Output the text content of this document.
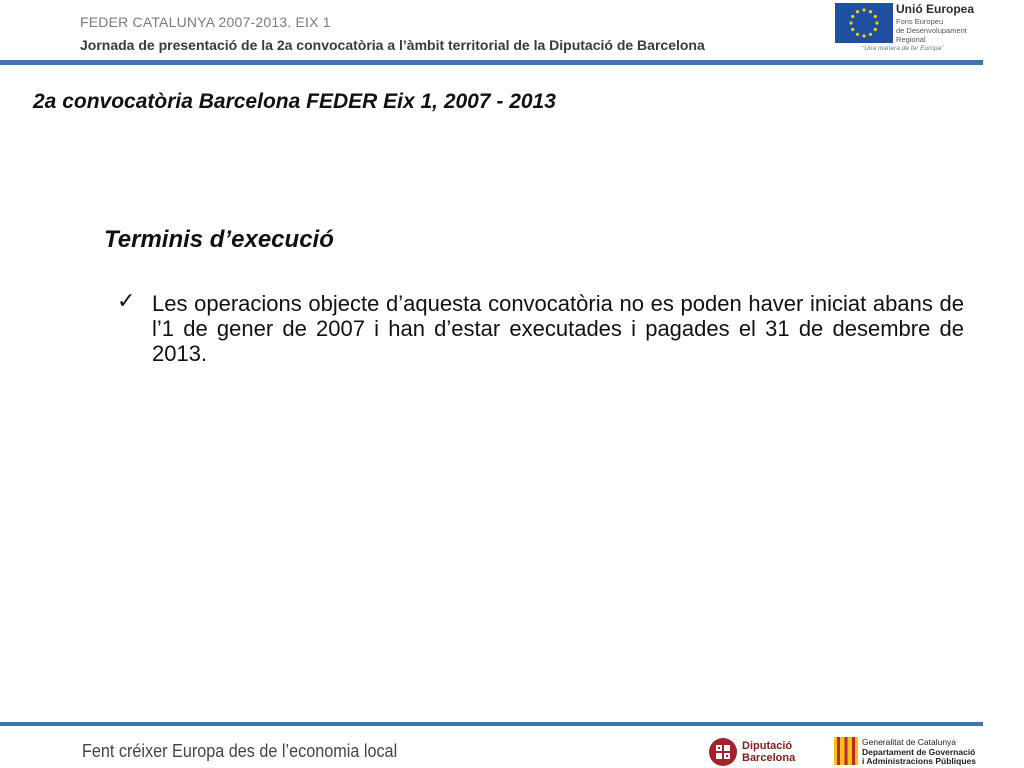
FEDER CATALUNYA 2007-2013. EIX 1
Jornada de presentació de la 2a convocatòria a l’àmbit territorial de la Diputació de Barcelona
Unió Europea
Fons Europeu
de Desenvolupament
Regional
“Una manera de fer Europa”
2a convocatòria Barcelona FEDER Eix 1, 2007 - 2013
Terminis d’execució
✓ Les operacions objecte d’aquesta convocatòria no es poden haver iniciat abans de l’1 de gener de 2007 i han d’estar executades i pagades el 31 de desembre de 2013.
Fent créixer Europa des de l’economia local	Diputació
Barcelona
Generalitat de Catalunya
Departament de Governació
i Administracions Públiques
